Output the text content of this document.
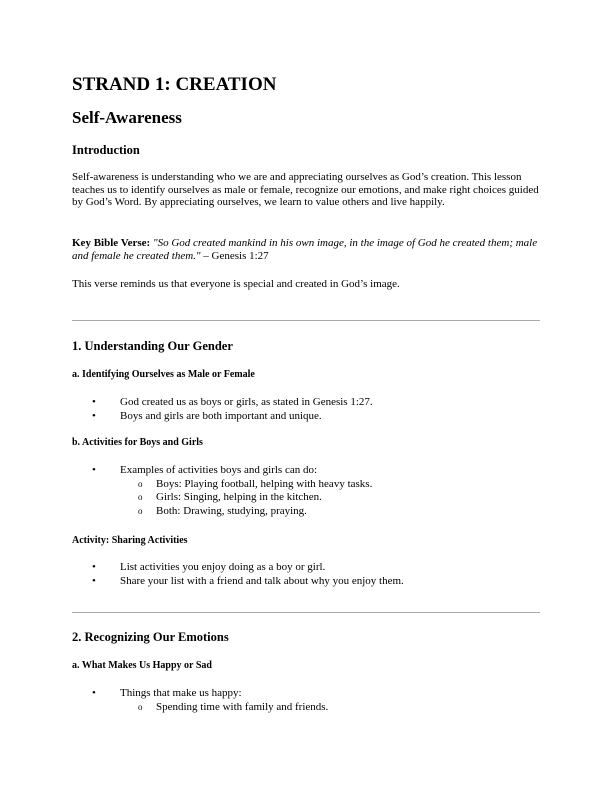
STRAND 1: CREATION
Self-Awareness
Introduction

Self-awareness is understanding who we are and appreciating ourselves as God’s creation. This lesson teaches us to identify ourselves as male or female, recognize our emotions, and make right choices guided by God’s Word. By appreciating ourselves, we learn to value others and live happily.

Key Bible Verse: "So God created mankind in his own image, in the image of God he created them; male and female he created them." – Genesis 1:27

This verse reminds us that everyone is special and created in God’s image.

1. Understanding Our Gender
a. Identifying Ourselves as Male or Female
• God created us as boys or girls, as stated in Genesis 1:27.
• Boys and girls are both important and unique.
b. Activities for Boys and Girls
• Examples of activities boys and girls can do:
o Boys: Playing football, helping with heavy tasks.
o Girls: Singing, helping in the kitchen.
o Both: Drawing, studying, praying.
Activity: Sharing Activities
• List activities you enjoy doing as a boy or girl.
• Share your list with a friend and talk about why you enjoy them.
2. Recognizing Our Emotions
a. What Makes Us Happy or Sad
• Things that make us happy:
o Spending time with family and friends.
